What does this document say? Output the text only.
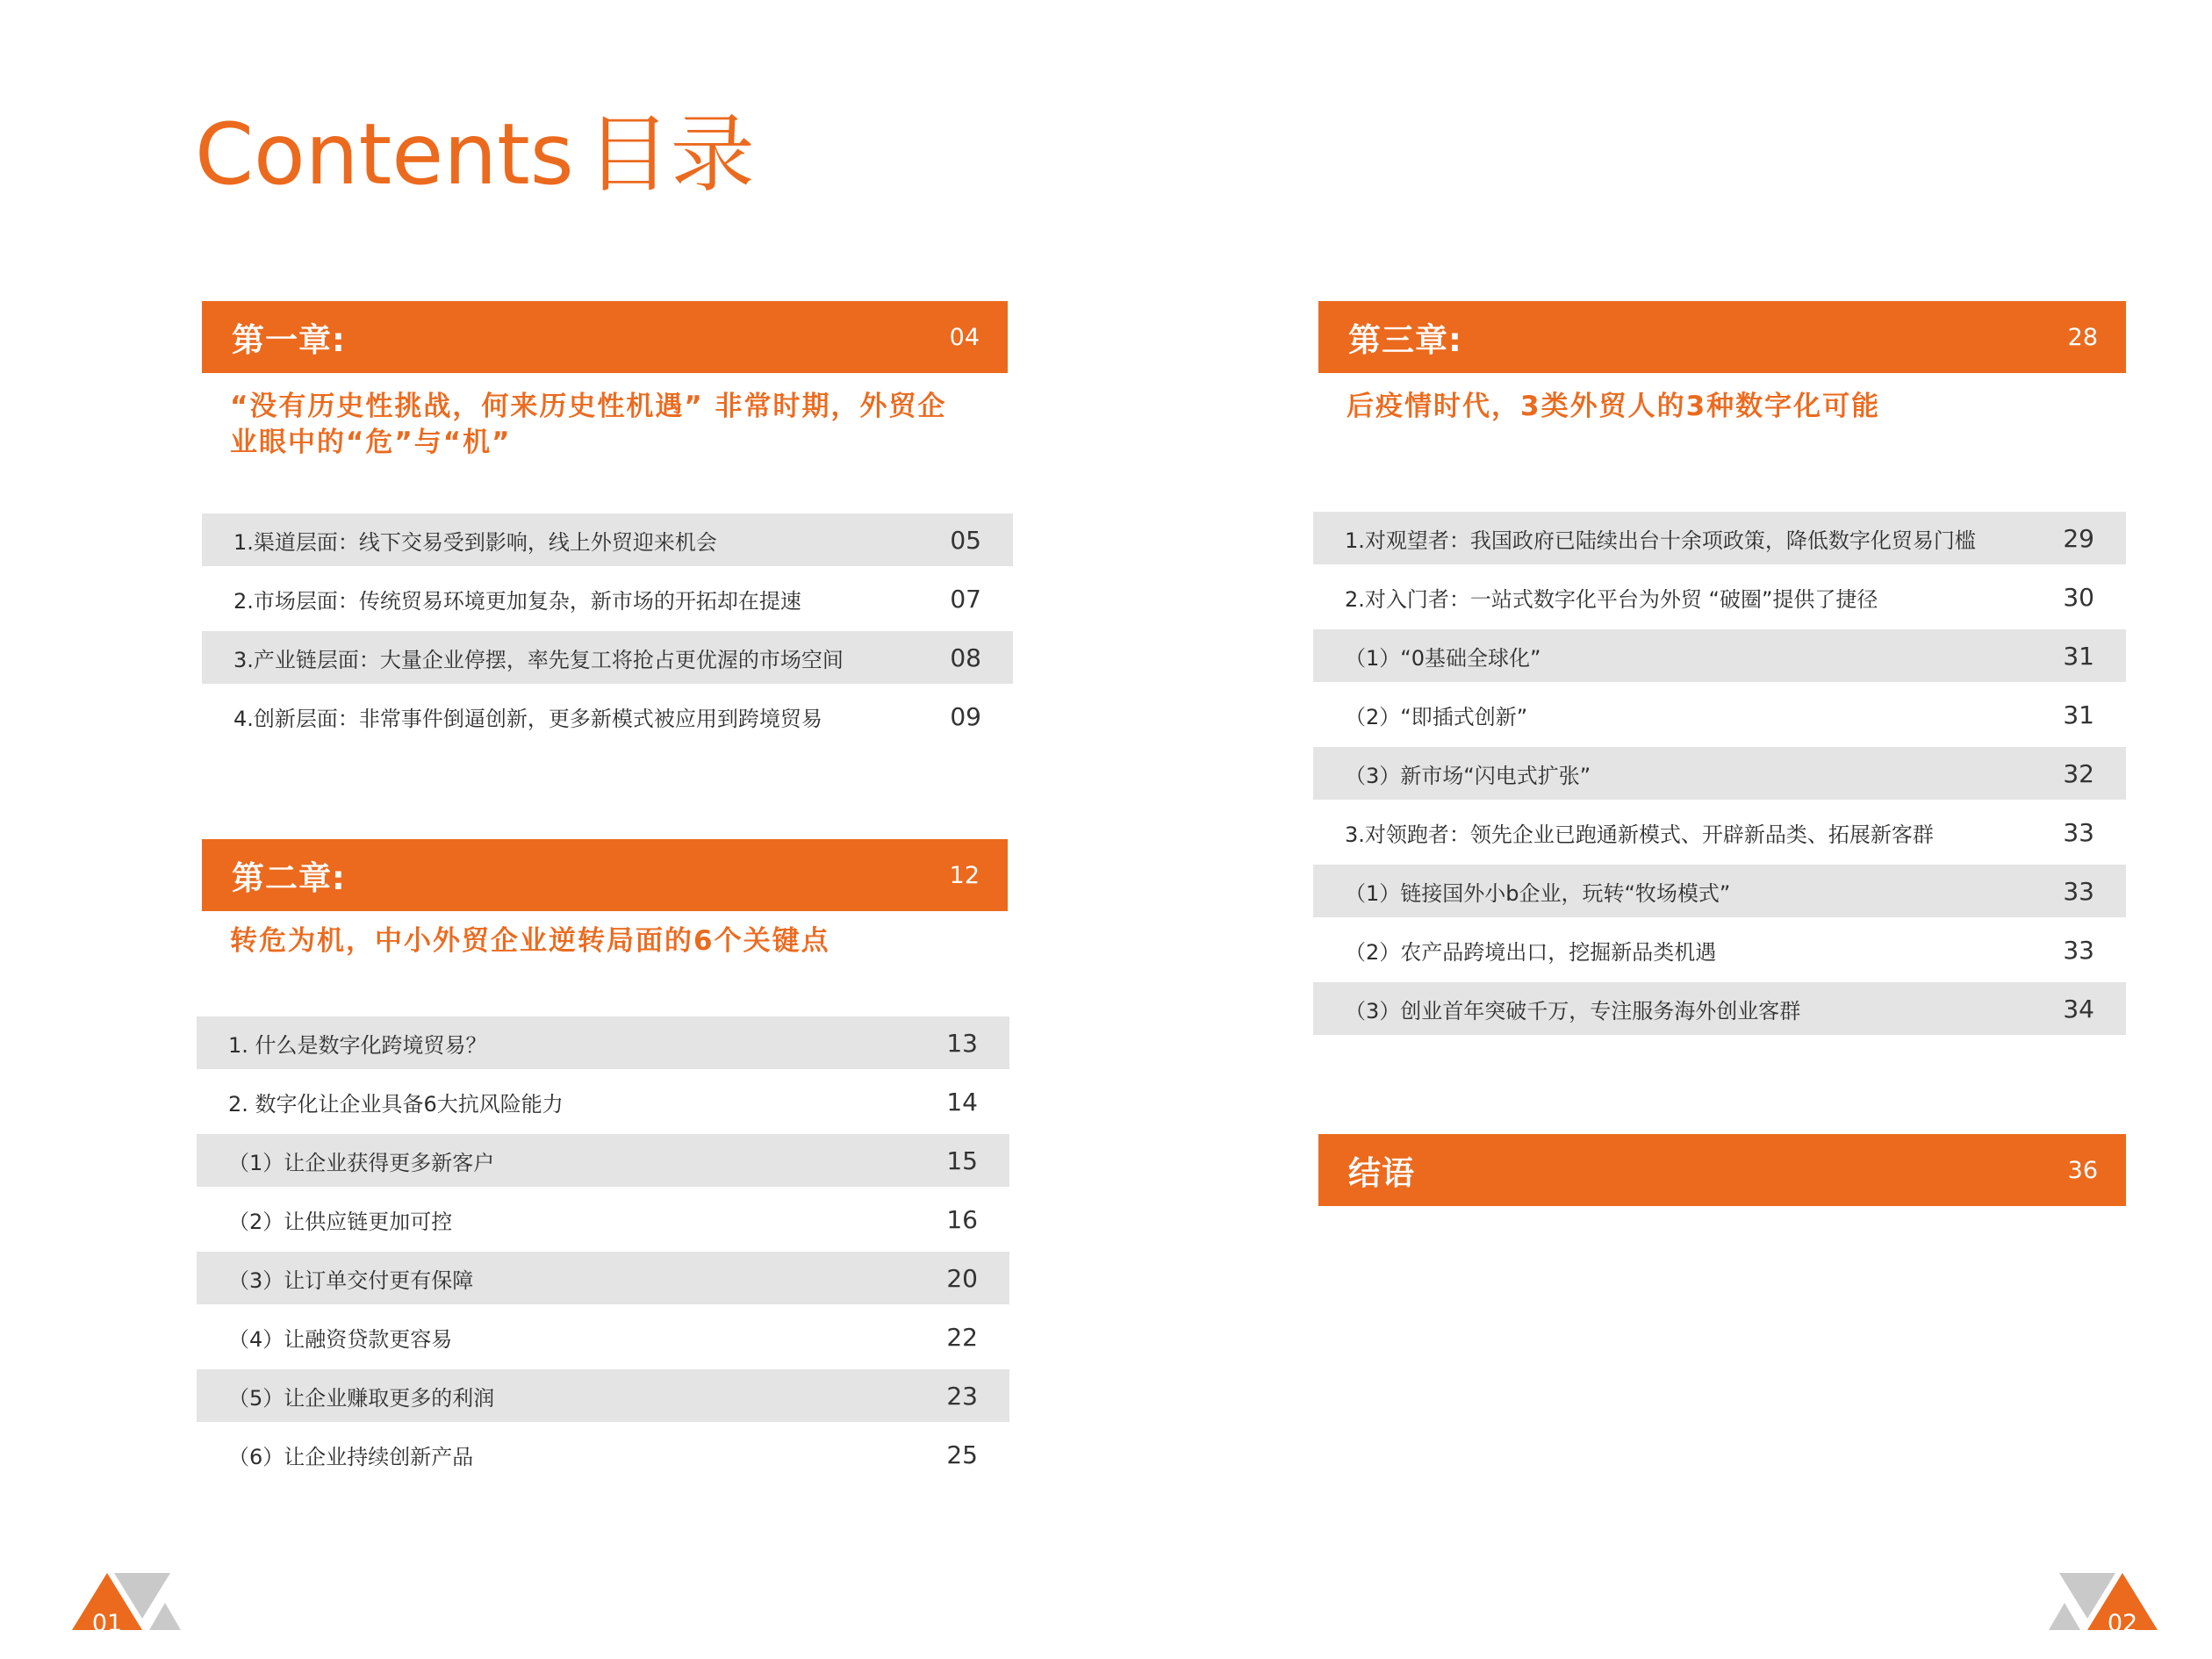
Contents 目录
第一章:	04
“没有历史性挑战，何来历史性机遇” 非常时期，外贸企
业眼中的“危”与“机”
1.渠道层面：线下交易受到影响，线上外贸迎来机会	05
2.市场层面：传统贸易环境更加复杂，新市场的开拓却在提速	07
3.产业链层面：大量企业停摆，率先复工将抢占更优渥的市场空间	08
4.创新层面：非常事件倒逼创新，更多新模式被应用到跨境贸易	09
第二章:	12
转危为机，中小外贸企业逆转局面的6个关键点
1. 什么是数字化跨境贸易？	13
2. 数字化让企业具备6大抗风险能力	14
（1）让企业获得更多新客户	15
（2）让供应链更加可控	16
（3）让订单交付更有保障	20
（4）让融资贷款更容易	22
（5）让企业赚取更多的利润	23
（6）让企业持续创新产品	25
第三章:	28
后疫情时代，3类外贸人的3种数字化可能
1.对观望者：我国政府已陆续出台十余项政策，降低数字化贸易门槛	29
2.对入门者：一站式数字化平台为外贸 “破圈”提供了捷径	30
（1）“0基础全球化”	31
（2）“即插式创新”	31
（3）新市场“闪电式扩张”	32
3.对领跑者：领先企业已跑通新模式、开辟新品类、拓展新客群	33
（1）链接国外小b企业，玩转“牧场模式”	33
（2）农产品跨境出口，挖掘新品类机遇	33
（3）创业首年突破千万，专注服务海外创业客群	34
结语	36
01	02
